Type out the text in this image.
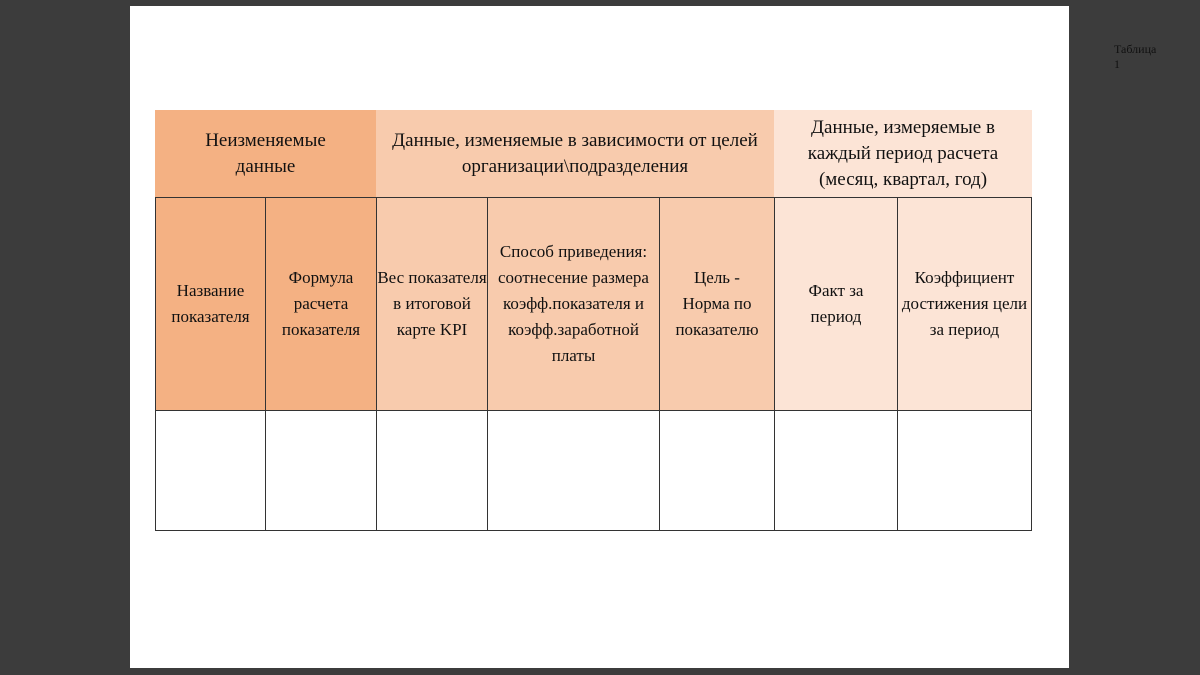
Таблица 1
Неизменяемые данные
Данные, изменяемые в зависимости от целей организации\подразделения
Данные, измеряемые в каждый период расчета (месяц, квартал, год)
Название показателя
Формула расчета показателя
Вес показателя в итоговой карте KPI
Способ приведения: соотнесение размера коэфф.показателя и коэфф.заработной платы
Цель - Норма по показателю
Факт за период
Коэффициент достижения цели за период
